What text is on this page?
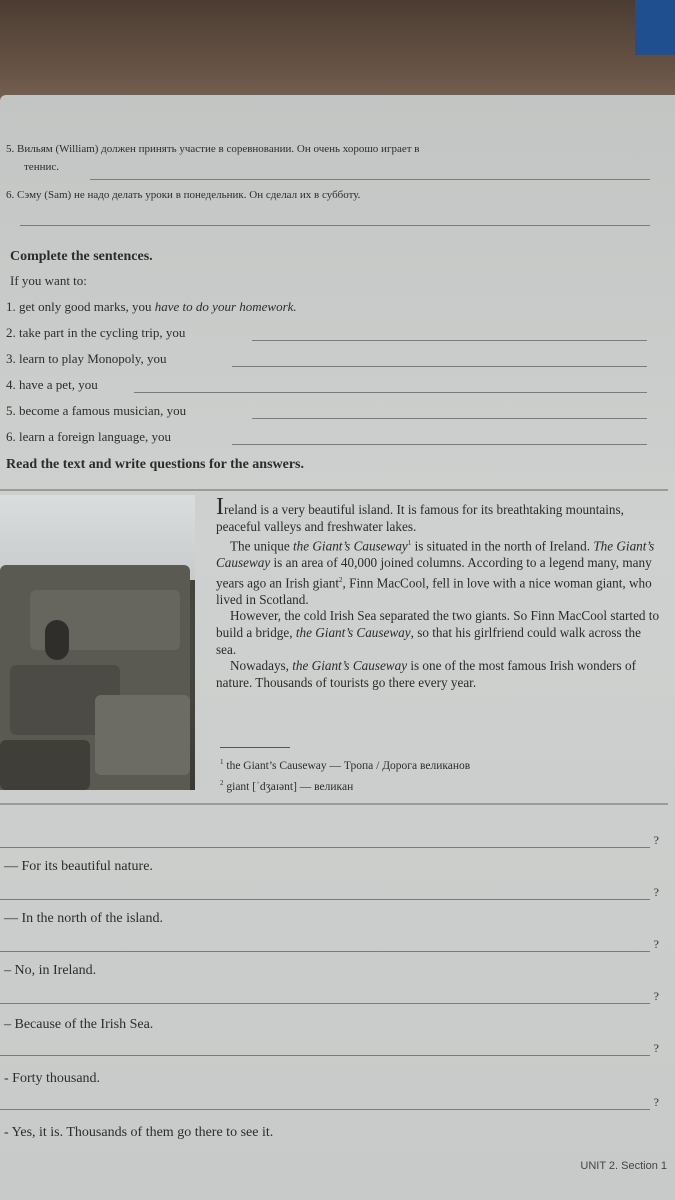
5. Вильям (William) должен принять участие в соревновании. Он очень хорошо играет в
теннис.
6. Сэму (Sam) не надо делать уроки в понедельник. Он сделал их в субботу.
Complete the sentences.
If you want to:
1. get only good marks, you have to do your homework.
2. take part in the cycling trip, you
3. learn to play Monopoly, you
4. have a pet, you
5. become a famous musician, you
6. learn a foreign language, you
Read the text and write questions for the answers.

Ireland is a very beautiful island. It is famous for its breathtaking mountains, peaceful valleys and freshwater lakes.

The unique the Giant’s Causeway$^1$ is situated in the north of Ireland. The Giant’s Causeway is an area of 40,000 joined columns. According to a legend many, many years ago an Irish giant$^2$, Finn MacCool, fell in love with a nice woman giant, who lived in Scotland.

However, the cold Irish Sea separated the two giants. So Finn MacCool started to build a bridge, the Giant’s Causeway, so that his girlfriend could walk across the sea.

Nowadays, the Giant’s Causeway is one of the most famous Irish wonders of nature. Thousands of tourists go there every year.

$^1$ the Giant’s Causeway — Тропа / Дорога великанов
$^2$ giant [ˈdʒaɪənt] — великан
?
— For its beautiful nature.
?
— In the north of the island.
?
– No, in Ireland.
?
– Because of the Irish Sea.
?
- Forty thousand.
?
- Yes, it is. Thousands of them go there to see it.
UNIT 2. Section 1
